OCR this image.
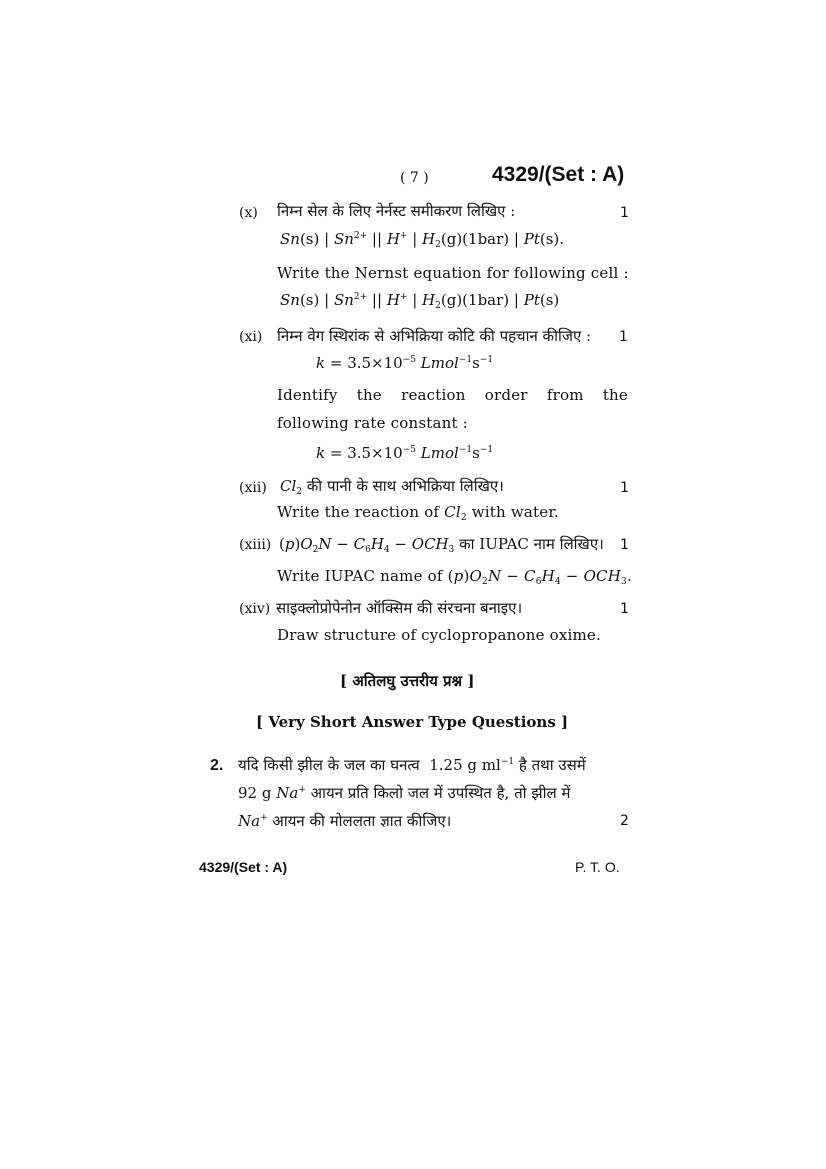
( 7 )	4329/(Set : A)
(x) निम्न सेल के लिए नेर्नस्ट समीकरण लिखिए :	1
Sn(s) | $Sn^{2+}$ || H+ | $H_2(g)(1bar)$ | Pt(s).
Write the Nernst equation for following cell :
Sn(s) | $Sn^{2+}$ || H+ | $H_2(g)(1bar)$ | Pt(s)
(xi) निम्न वेग स्थिरांक से अभिक्रिया कोटि की पहचान कीजिए : 1
$k = 3.5\times 10^{-5}$ $Lmol^{-1}s^{-1}$
Identify the reaction order from the
following rate constant :
$k = 3.5\times 10^{-5}$ $Lmol^{-1}s^{-1}$
(xii) $Cl_2$ की पानी के साथ अभिक्रिया लिखिए।	1
Write the reaction of $Cl_2$ with water.
(xiii) $(p)O_2N - C_6H_4 - OCH_3$ का IUPAC नाम लिखिए। 1
Write IUPAC name of $(p)O_2N - C_6H_4 - OCH_3$.
(xiv) साइक्लोप्रोपेनोन ऑक्सिम की संरचना बनाइए।	1
Draw structure of cyclopropanone oxime.
[ अतिलघु उत्तरीय प्रश्न ]
[ Very Short Answer Type Questions ]
2. यदि किसी झील के जल का घनत्व  1.25 g $ml^{-1}$ है तथा उसमें
92 g Na+ आयन प्रति किलो जल में उपस्थित है, तो झील में
Na+ आयन की मोललता ज्ञात कीजिए।	2
4329/(Set : A)	P. T. O.
